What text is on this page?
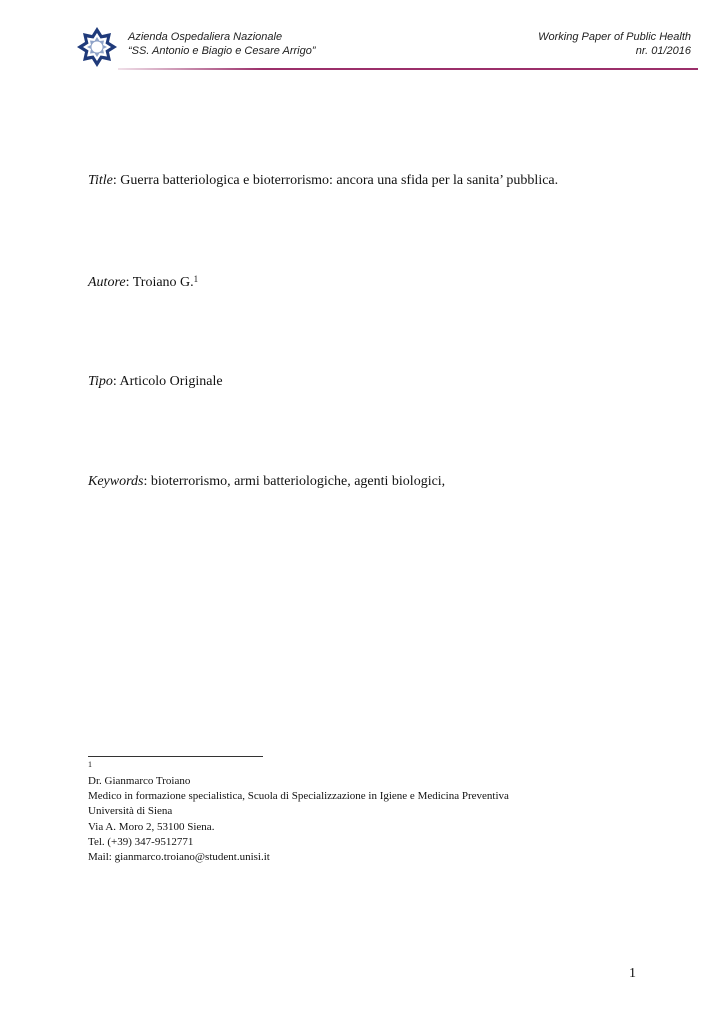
Azienda Ospedaliera Nazionale
“SS. Antonio e Biagio e Cesare Arrigo”
Working Paper of Public Health
nr. 01/2016
Title: Guerra batteriologica e bioterrorismo: ancora una sfida per la sanita’ pubblica.
Autore: Troiano G.$^1$
Tipo: Articolo Originale
Keywords: bioterrorismo, armi batteriologiche, agenti biologici,
1
Dr. Gianmarco Troiano
Medico in formazione specialistica, Scuola di Specializzazione in Igiene e Medicina Preventiva
Università di Siena
Via A. Moro 2, 53100 Siena.
Tel. (+39) 347-9512771
Mail: gianmarco.troiano@student.unisi.it
1
